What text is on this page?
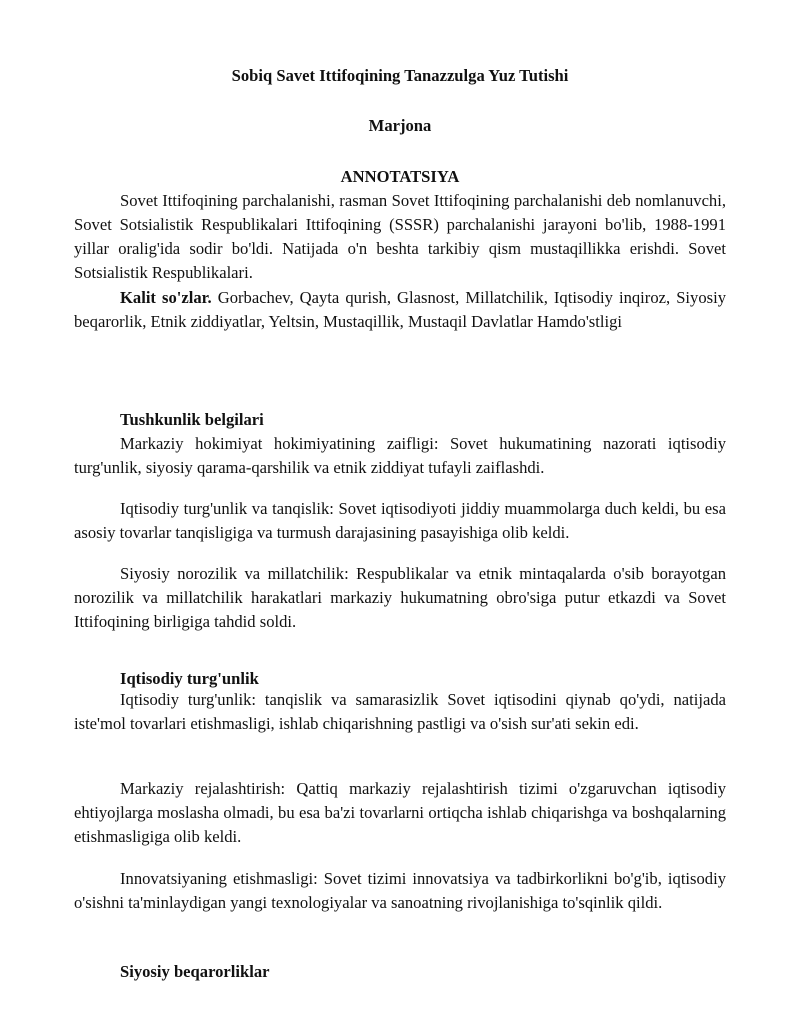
Sobiq Savet Ittifoqining Tanazzulga Yuz Tutishi
Marjona
ANNOTATSIYA

Sovet Ittifoqining parchalanishi, rasman Sovet Ittifoqining parchalanishi deb nomlanuvchi, Sovet Sotsialistik Respublikalari Ittifoqining (SSSR) parchalanishi jarayoni bo'lib, 1988-1991 yillar oralig'ida sodir bo'ldi. Natijada o'n beshta tarkibiy qism mustaqillikka erishdi. Sovet Sotsialistik Respublikalari.

Kalit so'zlar. Gorbachev, Qayta qurish, Glasnost, Millatchilik, Iqtisodiy inqiroz, Siyosiy beqarorlik, Etnik ziddiyatlar, Yeltsin, Mustaqillik, Mustaqil Davlatlar Hamdo'stligi

Tushkunlik belgilari

Markaziy hokimiyat hokimiyatining zaifligi: Sovet hukumatining nazorati iqtisodiy turg'unlik, siyosiy qarama-qarshilik va etnik ziddiyat tufayli zaiflashdi.

Iqtisodiy turg'unlik va tanqislik: Sovet iqtisodiyoti jiddiy muammolarga duch keldi, bu esa asosiy tovarlar tanqisligiga va turmush darajasining pasayishiga olib keldi.

Siyosiy norozilik va millatchilik: Respublikalar va etnik mintaqalarda o'sib borayotgan norozilik va millatchilik harakatlari markaziy hukumatning obro'siga putur etkazdi va Sovet Ittifoqining birligiga tahdid soldi.

Iqtisodiy turg'unlik

Iqtisodiy turg'unlik: tanqislik va samarasizlik Sovet iqtisodini qiynab qo'ydi, natijada iste'mol tovarlari etishmasligi, ishlab chiqarishning pastligi va o'sish sur'ati sekin edi.

Markaziy rejalashtirish: Qattiq markaziy rejalashtirish tizimi o'zgaruvchan iqtisodiy ehtiyojlarga moslasha olmadi, bu esa ba'zi tovarlarni ortiqcha ishlab chiqarishga va boshqalarning etishmasligiga olib keldi.

Innovatsiyaning etishmasligi: Sovet tizimi innovatsiya va tadbirkorlikni bo'g'ib, iqtisodiy o'sishni ta'minlaydigan yangi texnologiyalar va sanoatning rivojlanishiga to'sqinlik qildi.

Siyosiy beqarorliklar
